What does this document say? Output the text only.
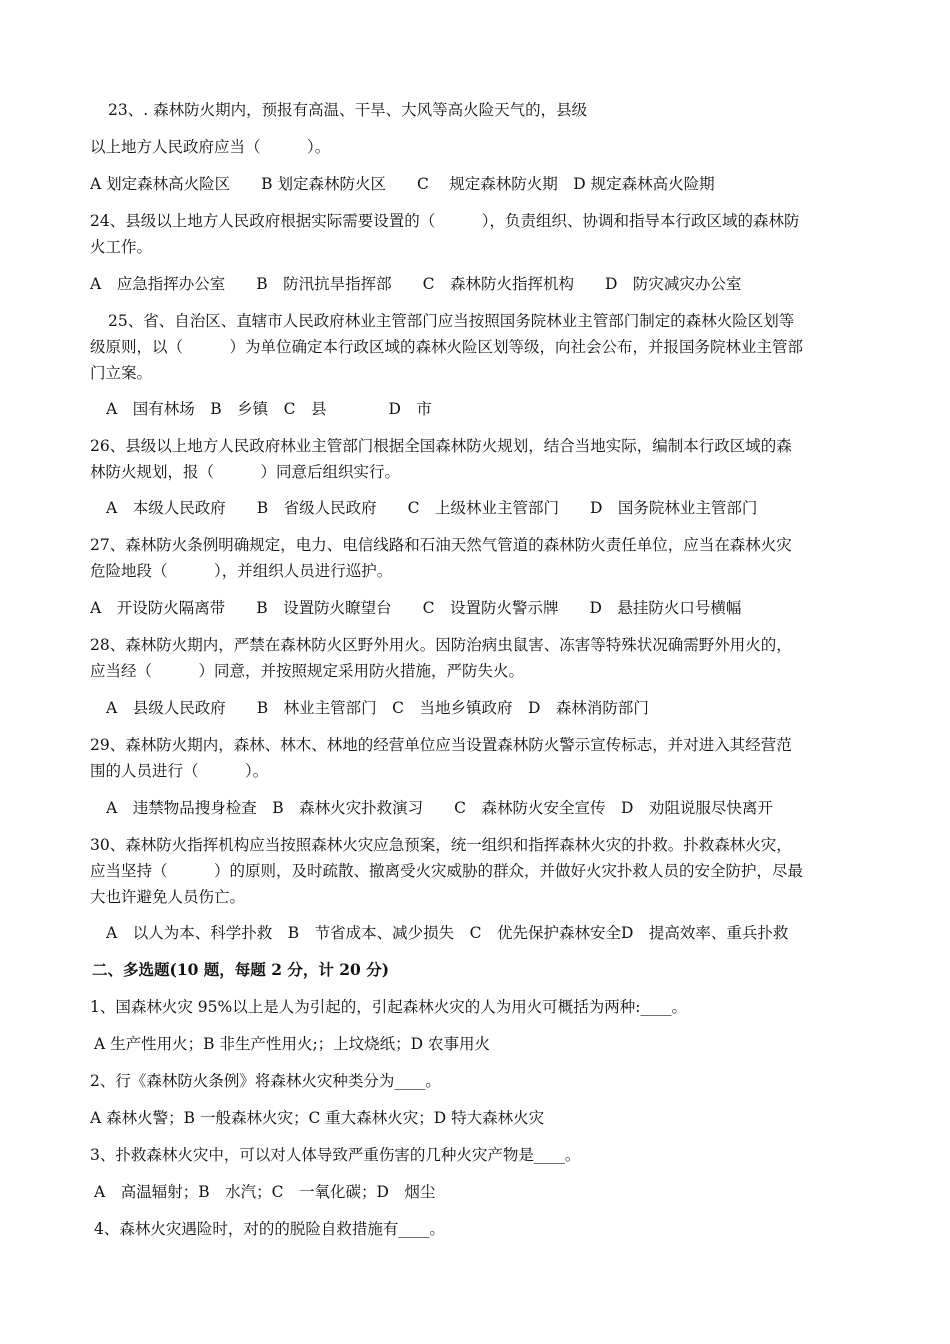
23、. 森林防火期内，预报有高温、干旱、大风等高火险天气的，县级
以上地方人民政府应当（　　　）。
A 划定森林高火险区　　B 划定森林防火区　　C　 规定森林防火期　D 规定森林高火险期
24、县级以上地方人民政府根据实际需要设置的（　　　），负责组织、协调和指导本行政区域的森林防
火工作。
A　应急指挥办公室　　B　防汛抗旱指挥部　　C　森林防火指挥机构　　D　防灾减灾办公室
25、省、自治区、直辖市人民政府林业主管部门应当按照国务院林业主管部门制定的森林火险区划等
级原则，以（　　　）为单位确定本行政区域的森林火险区划等级，向社会公布，并报国务院林业主管部
门立案。
A　国有林场　B　乡镇　C　县　　　　D　市
26、县级以上地方人民政府林业主管部门根据全国森林防火规划，结合当地实际，编制本行政区域的森
林防火规划，报（　　　）同意后组织实行。
A　本级人民政府　　B　省级人民政府　　C　上级林业主管部门　　D　国务院林业主管部门
27、森林防火条例明确规定，电力、电信线路和石油天然气管道的森林防火责任单位，应当在森林火灾
危险地段（　　　），并组织人员进行巡护。
A　开设防火隔离带　　B　设置防火瞭望台　　C　设置防火警示牌　　D　悬挂防火口号横幅
28、森林防火期内，严禁在森林防火区野外用火。因防治病虫鼠害、冻害等特殊状况确需野外用火的，
应当经（　　　）同意，并按照规定采用防火措施，严防失火。
A　县级人民政府　　B　林业主管部门　C　当地乡镇政府　D　森林消防部门
29、森林防火期内，森林、林木、林地的经营单位应当设置森林防火警示宣传标志，并对进入其经营范
围的人员进行（　　　）。
A　违禁物品搜身检查　B　森林火灾扑救演习　　C　森林防火安全宣传　D　劝阻说服尽快离开
30、森林防火指挥机构应当按照森林火灾应急预案，统一组织和指挥森林火灾的扑救。扑救森林火灾，
应当坚持（　　　）的原则，及时疏散、撤离受火灾威胁的群众，并做好火灾扑救人员的安全防护，尽最
大也许避免人员伤亡。
A　以人为本、科学扑救　B　节省成本、减少损失　C　优先保护森林安全D　提高效率、重兵扑救
二、多选题(10 题，每题 2 分，计 20 分)
1、国森林火灾 95%以上是人为引起的，引起森林火灾的人为用火可概括为两种:____。
A 生产性用火；B 非生产性用火;；上坟烧纸；D 农事用火
2、行《森林防火条例》将森林火灾种类分为____。
A 森林火警；B 一般森林火灾；C 重大森林火灾；D 特大森林火灾
3、扑救森林火灾中，可以对人体导致严重伤害的几种火灾产物是____。
A　高温辐射；B　水汽；C　一氧化碳；D　烟尘
4、森林火灾遇险时，对的的脱险自救措施有____。
